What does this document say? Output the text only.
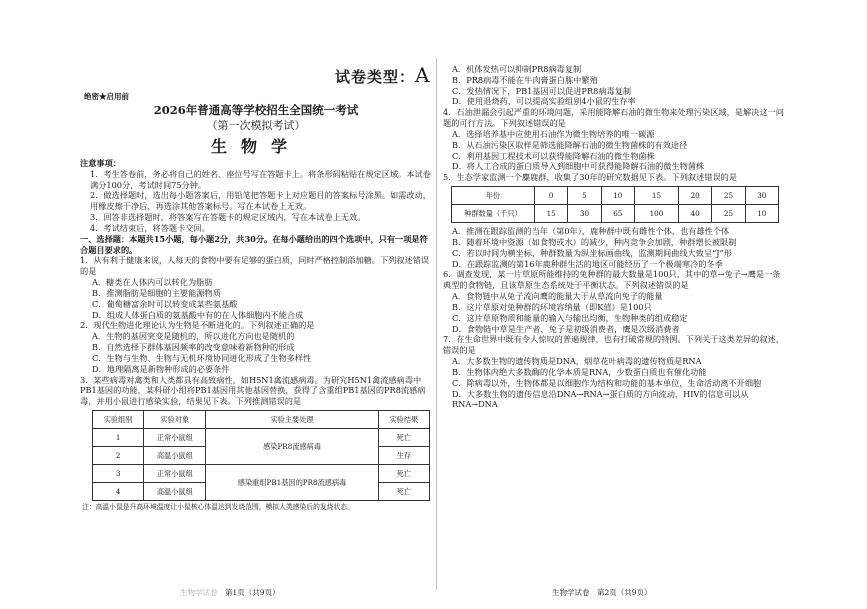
试卷类型：A
绝密★启用前
2026年普通高等学校招生全国统一考试
（第一次模拟考试）
生物学

注意事项：

1．考生答卷前，务必将自己的姓名、座位号写在答题卡上。将条形码粘贴在规定区域。本试卷满分100分，考试时间75分钟。

2．做选择题时，选出每小题答案后，用铅笔把答题卡上对应题目的答案标号涂黑。如需改动，用橡皮擦干净后，再选涂其他答案标号。写在本试卷上无效。

3．回答非选择题时，将答案写在答题卡的规定区域内，写在本试卷上无效。

4．考试结束后，将答题卡交回。

一、选择题：本题共15小题，每小题2分，共30分。在每小题给出的四个选项中，只有一项是符合题目要求的。

1．从有利于健康来说，人每天的食物中要有足够的蛋白质，同时严格控制添加糖。下列叙述错误的是

A．糖类在人体内可以转化为脂肪

B．推测脂肪是细胞的主要能源物质

C．葡萄糖富余时可以转变成某些氨基酸

D．组成人体蛋白质的氨基酸中有的在人体细胞内不能合成

2．现代生物进化理论认为生物是不断进化的。下列叙述正确的是

A．生物的基因突变是随机的，所以进化方向也是随机的

B．自然选择下群体基因频率的改变意味着新物种的形成

C．生物与生物、生物与无机环境协同进化形成了生物多样性

D．地理隔离是新物种形成的必要条件

3．某些病毒对禽类和人类都具有高致病性，如H5N1禽流感病毒。为研究H5N1禽流感病毒中PB1基因的功能，某科研小组将PB1基因用其他基因替换，获得了含重组PB1基因的PR8流感病毒，并用小鼠进行感染实验，结果见下表。下列推测错误的是

实验组别	实验对象	实验主要处理	实验结果
1	正常小鼠组	感染PR8流感病毒	死亡
2	高温小鼠组		生存
3	正常小鼠组	感染重组PB1基因的PR8流感病毒	死亡
4	高温小鼠组		死亡

注：高温小鼠是升高环境温度让小鼠核心体温达到发烧范围，模拟人类感染后的发烧状态。

生物学试卷　 第1页（共9页）

A．机体发热可以抑制PR8病毒复制

B．PR8病毒不能在牛肉膏蛋白胨中繁殖

C．发热情况下，PB1基因可以促进PR8病毒复制

D．使用退烧药，可以提高实验组别4小鼠的生存率

4．石油泄漏会引起严重的环境问题，采用能降解石油的微生物来处理污染区域，是解决这一问题的可行方法。下列叙述错误的是

A．选择培养基中应使用石油作为微生物培养的唯一碳源

B．从石油污染区取样是筛选能降解石油的微生物菌株的有效途径

C．利用基因工程技术可以获得能降解石油的微生物菌株

D．将人工合成的蛋白质导入到细胞中可获得能降解石油的微生物菌株

5．生态学家监测一个麋鹿群，收集了30年的研究数据见下表。下列叙述错误的是

年份	0	5	10	15	20	25	30
种群数量（千只）	15	30	65	100	40	25	10

A．推测在跟踪监测的当年（第0年），鹿种群中既有雌性个体，也有雄性个体

B．随着环境中资源（如食物或水）的减少，种内竞争会加剧，种群增长被限制

C．若以时间为横坐标，种群数量为纵坐标画曲线，监测期间曲线大致呈“J”形

D．在跟踪监测的第16年鹿种群生活的地区可能经历了一个极端寒冷的冬季

6．调查发现，某一片草原所能维持的兔种群的最大数量是100只，其中的草→兔子→鹰是一条典型的食物链，且该草原生态系统处于平衡状态。下列叙述错误的是

A．食物链中从兔子流向鹰的能量大于从草流向兔子的能量

B．这片草原对兔种群的环境容纳量（即K值）是100只

C．这片草原物质和能量的输入与输出均衡，生物种类的组成稳定

D．食物链中草是生产者，兔子是初级消费者，鹰是次级消费者

7．在生命世界中既有令人惊叹的普遍规律，也有打破常规的特例。下列关于这类差异的叙述，错误的是

A．大多数生物的遗传物质是DNA，烟草花叶病毒的遗传物质是RNA

B．生物体内绝大多数酶的化学本质是RNA，少数蛋白质也有催化功能

C．除病毒以外，生物体都是以细胞作为结构和功能的基本单位，生命活动离不开细胞

D．大多数生物的遗传信息沿DNA→RNA→蛋白质的方向流动，HIV的信息可以从RNA→DNA

生物学试卷　第2页（共9页）
